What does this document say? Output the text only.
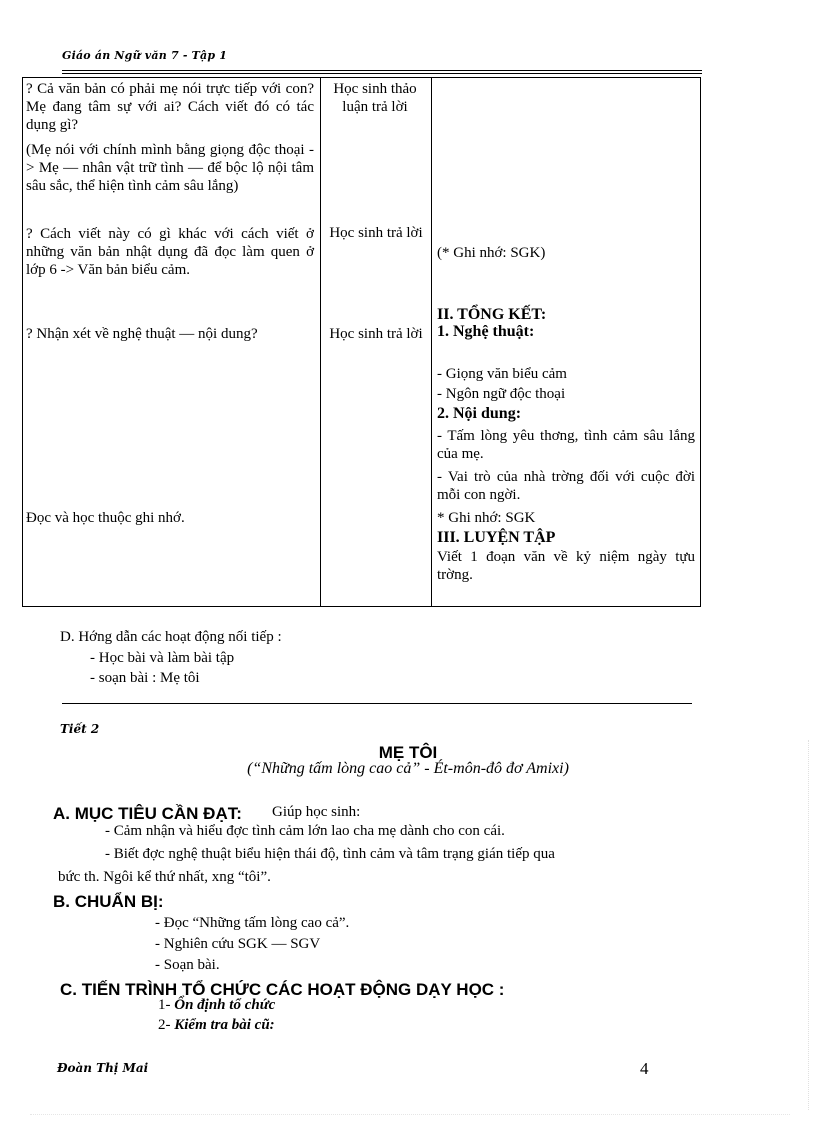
Giáo án Ngữ văn 7 - Tập 1
? Cả văn bản có phải mẹ nói trực tiếp với con? Mẹ đang tâm sự với ai? Cách viết đó có tác dụng gì?
(Mẹ nói với chính mình bằng giọng độc thoại -> Mẹ — nhân vật trữ tình — để bộc lộ nội tâm sâu sắc, thể hiện tình cảm sâu lắng)
Học sinh thảo luận trả lời
? Cách viết này có gì khác với cách viết ở những văn bản nhật dụng đã đọc làm quen ở lớp 6 -> Văn bản biểu cảm.
Học sinh trả lời
(* Ghi nhớ: SGK)
? Nhận xét về nghệ thuật — nội dung?	Học sinh trả lời
II. TỔNG KẾT:
1. Nghệ thuật:
- Giọng văn biểu cảm
- Ngôn ngữ độc thoại
2. Nội dung:
- Tấm lòng yêu thơng, tình cảm sâu lắng của mẹ.
- Vai trò của nhà trờng đối với cuộc đời mỗi con ngời.
* Ghi nhớ: SGK
III. LUYỆN TẬP
Viết 1 đoạn văn về kỷ niệm ngày tựu trờng.
Đọc và học thuộc ghi nhớ.
D. Hớng dẫn các hoạt động nối tiếp :
- Học bài và làm bài tập
- soạn bài : Mẹ tôi
Tiết 2
MẸ TÔI
(“Những tấm lòng cao cả” - Ét-môn-đô đơ Amixi)
A. MỤC TIÊU CẦN ĐẠT: Giúp học sinh:
- Cảm nhận và hiểu đợc tình cảm lớn lao cha mẹ dành cho con cái.
- Biết đợc nghệ thuật biểu hiện thái độ, tình cảm và tâm trạng gián tiếp qua
bức th. Ngôi kể thứ nhất, xng “tôi”.
B. CHUẨN BỊ:
- Đọc “Những tấm lòng cao cả”.
- Nghiên cứu SGK — SGV
- Soạn bài.
C. TIẾN TRÌNH TỔ CHỨC CÁC HOẠT ĐỘNG DẠY HỌC :
1- Ổn định tổ chức
2- Kiểm tra bài cũ:
Đoàn Thị Mai	4
